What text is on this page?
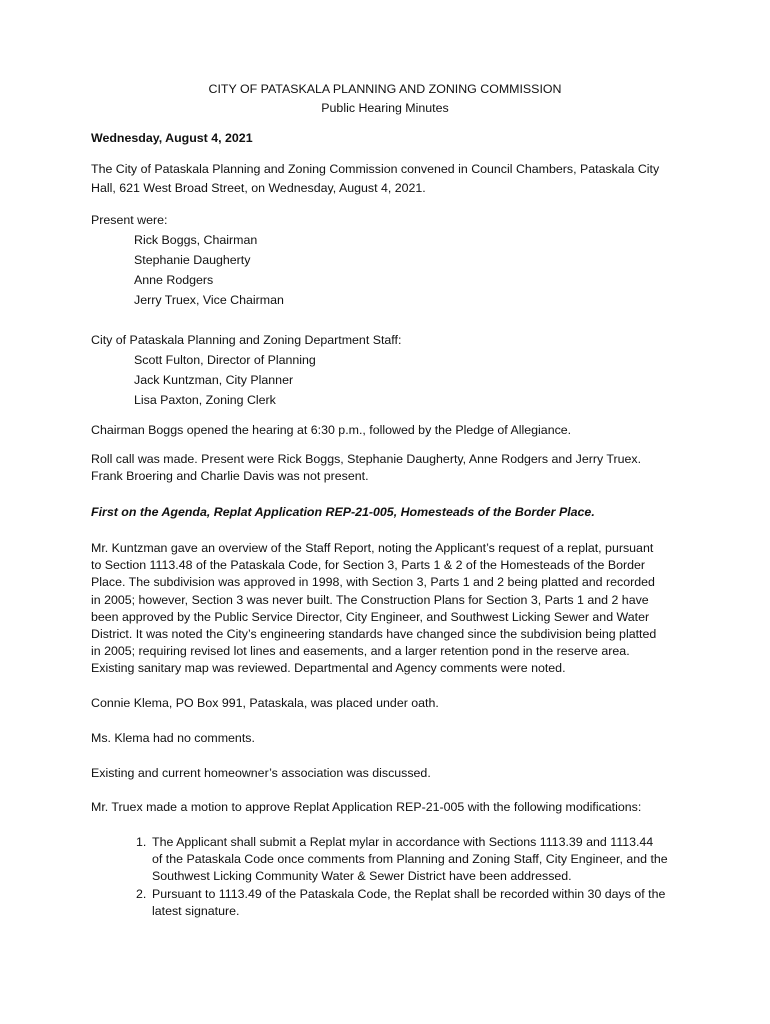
CITY OF PATASKALA PLANNING AND ZONING COMMISSION
Public Hearing Minutes
Wednesday, August 4, 2021
The City of Pataskala Planning and Zoning Commission convened in Council Chambers, Pataskala City
Hall, 621 West Broad Street, on Wednesday, August 4, 2021.
Present were:
Rick Boggs, Chairman
Stephanie Daugherty
Anne Rodgers
Jerry Truex, Vice Chairman
City of Pataskala Planning and Zoning Department Staff:
Scott Fulton, Director of Planning
Jack Kuntzman, City Planner
Lisa Paxton, Zoning Clerk
Chairman Boggs opened the hearing at 6:30 p.m., followed by the Pledge of Allegiance.
Roll call was made. Present were Rick Boggs, Stephanie Daugherty, Anne Rodgers and Jerry Truex.
Frank Broering and Charlie Davis was not present.
First on the Agenda, Replat Application REP-21-005, Homesteads of the Border Place.
Mr. Kuntzman gave an overview of the Staff Report, noting the Applicant’s request of a replat, pursuant
to Section 1113.48 of the Pataskala Code, for Section 3, Parts 1 & 2 of the Homesteads of the Border
Place. The subdivision was approved in 1998, with Section 3, Parts 1 and 2 being platted and recorded
in 2005; however, Section 3 was never built. The Construction Plans for Section 3, Parts 1 and 2 have
been approved by the Public Service Director, City Engineer, and Southwest Licking Sewer and Water
District. It was noted the City’s engineering standards have changed since the subdivision being platted
in 2005; requiring revised lot lines and easements, and a larger retention pond in the reserve area.
Existing sanitary map was reviewed. Departmental and Agency comments were noted.
Connie Klema, PO Box 991, Pataskala, was placed under oath.
Ms. Klema had no comments.
Existing and current homeowner’s association was discussed.
Mr. Truex made a motion to approve Replat Application REP-21-005 with the following modifications:
1. The Applicant shall submit a Replat mylar in accordance with Sections 1113.39 and 1113.44
of the Pataskala Code once comments from Planning and Zoning Staff, City Engineer, and the
Southwest Licking Community Water & Sewer District have been addressed.
2. Pursuant to 1113.49 of the Pataskala Code, the Replat shall be recorded within 30 days of the
latest signature.
